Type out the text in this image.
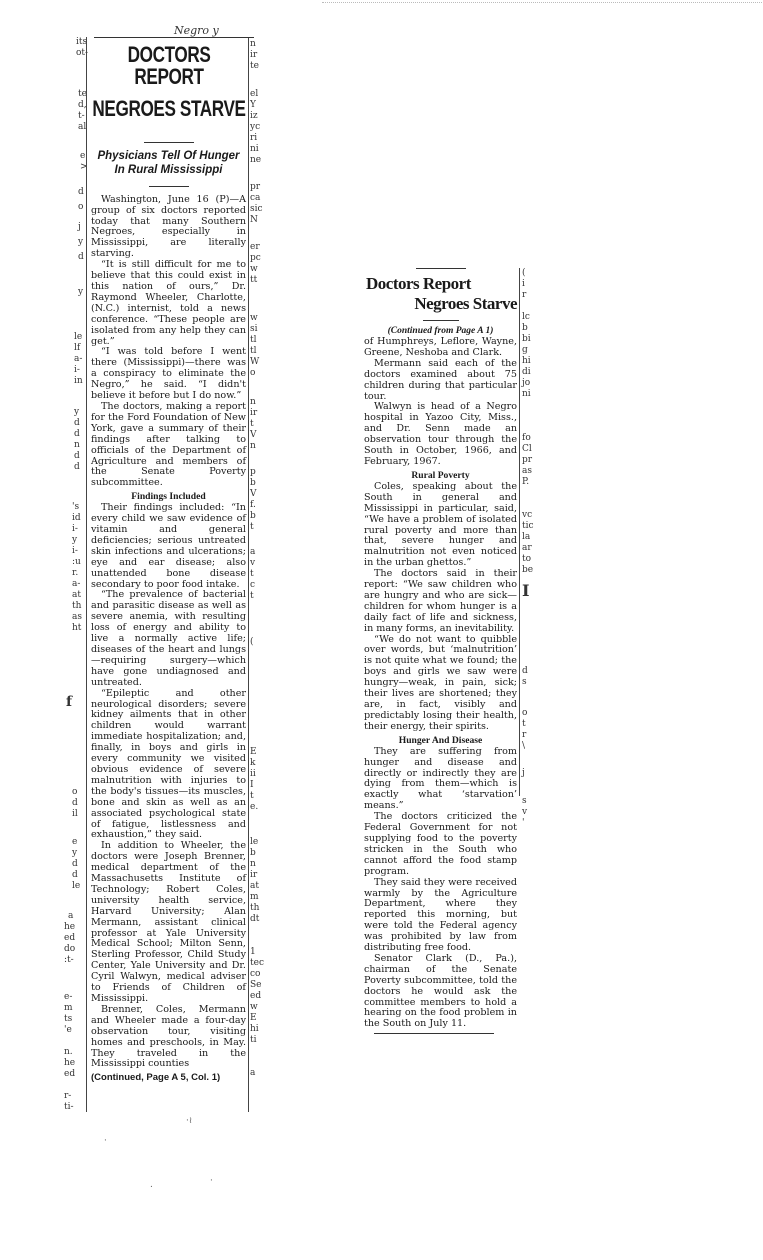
its
ot-
te
d,
t-
al
e
>
d
o
j
y
d
y
le
lf
a-
i-
in
y
d
d
n
d
d
's
id
i-
y
i-
:u
r.
a-
at
th
as
ht
f
o
d
il
e
y
d
d
le
a
he
ed
do
:t-
e-
m
ts
'e
n.
he
ed
r-
ti-
Negro y
n
ir
te
el
Y
iz
yc
ri
ni
ne
pr
ca
sic
N
er
pc
w
tt
w
si
tl
tl
W
o
n
ir
t
V
n
p
b
V
f.
b
t
a
v
t
c
t
(
E
k
ii
I
t
e.
le
b
n
ir
at
m
th
dt
1
tec
co
Se
ed
w
E
hi
ti
a
DOCTORS REPORT
NEGROES STARVE
Physicians Tell Of Hunger
In Rural Mississippi

Washington, June 16 (P)—A group of six doctors reported today that many Southern Negroes, especially in Mississippi, are literally starving.

“It is still difficult for me to believe that this could exist in this nation of ours,” Dr. Raymond Wheeler, Charlotte, (N.C.) internist, told a news conference. “These people are isolated from any help they can get.”

“I was told before I went there (Mississippi)—there was a conspiracy to eliminate the Negro,” he said. “I didn't believe it before but I do now.”

The doctors, making a report for the Ford Foundation of New York, gave a summary of their findings after talking to officials of the Department of Agriculture and members of the Senate Poverty subcommittee.

Findings Included

Their findings included: “In every child we saw evidence of vitamin and general deficiencies; serious untreated skin infections and ulcerations; eye and ear disease; also unattended bone disease secondary to poor food intake.

“The prevalence of bacterial and parasitic disease as well as severe anemia, with resulting loss of energy and ability to live a normally active life; diseases of the heart and lungs—requiring surgery—which have gone undiagnosed and untreated.

“Epileptic and other neurological disorders; severe kidney ailments that in other children would warrant immediate hospitalization; and, finally, in boys and girls in every community we visited obvious evidence of severe malnutrition with injuries to the body's tissues—its muscles, bone and skin as well as an associated psychological state of fatigue, listlessness and exhaustion,” they said.

In addition to Wheeler, the doctors were Joseph Brenner, medical department of the Massachusetts Institute of Technology; Robert Coles, university health service, Harvard University; Alan Mermann, assistant clinical professor at Yale University Medical School; Milton Senn, Sterling Professor, Child Study Center, Yale University and Dr. Cyril Walwyn, medical adviser to Friends of Children of Mississippi.

Brenner, Coles, Mermann and Wheeler made a four-day observation tour, visiting homes and preschools, in May. They traveled in the Mississippi counties

(Continued, Page A 5, Col. 1)
·≀
·
.	·
Doctors Report
Negroes Starve
(Continued from Page A 1)

of Humphreys, Leflore, Wayne, Greene, Neshoba and Clark.

Mermann said each of the doctors examined about 75 children during that particular tour.

Walwyn is head of a Negro hospital in Yazoo City, Miss., and Dr. Senn made an observation tour through the South in October, 1966, and February, 1967.

Rural Poverty

Coles, speaking about the South in general and Mississippi in particular, said, “We have a problem of isolated rural poverty and more than that, severe hunger and malnutrition not even noticed in the urban ghettos.”

The doctors said in their report: “We saw children who are hungry and who are sick—children for whom hunger is a daily fact of life and sickness, in many forms, an inevitability.

“We do not want to quibble over words, but ‘malnutrition’ is not quite what we found; the boys and girls we saw were hungry—weak, in pain, sick; their lives are shortened; they are, in fact, visibly and predictably losing their health, their energy, their spirits.

Hunger And Disease

They are suffering from hunger and disease and directly or indirectly they are dying from them—which is exactly what ‘starvation’ means.”

The doctors criticized the Federal Government for not supplying food to the poverty stricken in the South who cannot afford the food stamp program.

They said they were received warmly by the Agriculture Department, where they reported this morning, but were told the Federal agency was prohibited by law from distributing free food.

Senator Clark (D., Pa.), chairman of the Senate Poverty subcommittee, told the doctors he would ask the committee members to hold a hearing on the food problem in the South on July 11.

(
i
r
lc
b
bi
g
hi
di
jo
ni
fo
Cl
pr
as
P.
vc
tic
la
ar
to
be
I
d
s
o
t
r
\
j
s
v
'
